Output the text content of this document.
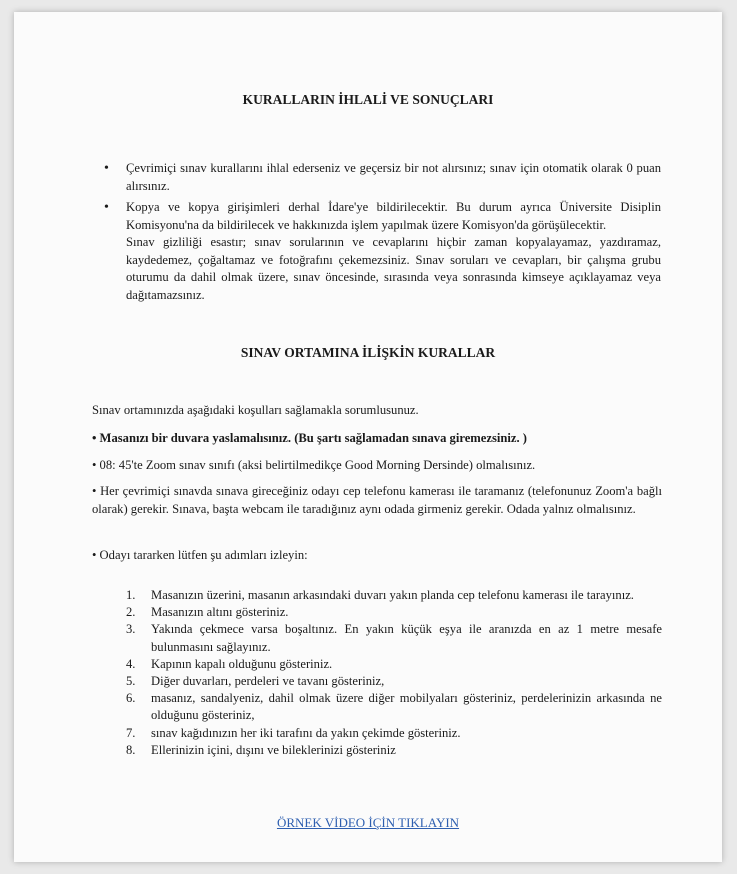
KURALLARIN İHLALİ VE SONUÇLARI
• Çevrimiçi sınav kurallarını ihlal ederseniz ve geçersiz bir not alırsınız; sınav için otomatik olarak 0 puan alırsınız.
• Kopya ve kopya girişimleri derhal İdare'ye bildirilecektir. Bu durum ayrıca Üniversite Disiplin Komisyonu'na da bildirilecek ve hakkınızda işlem yapılmak üzere Komisyon'da görüşülecektir.
Sınav gizliliği esastır; sınav sorularının ve cevaplarını hiçbir zaman kopyalayamaz, yazdıramaz, kaydedemez, çoğaltamaz ve fotoğrafını çekemezsiniz. Sınav soruları ve cevapları, bir çalışma grubu oturumu da dahil olmak üzere, sınav öncesinde, sırasında veya sonrasında kimseye açıklayamaz veya dağıtamazsınız.
SINAV ORTAMINA İLİŞKİN KURALLAR

Sınav ortamınızda aşağıdaki koşulları sağlamakla sorumlusunuz.

• Masanızı bir duvara yaslamalısınız. (Bu şartı sağlamadan sınava giremezsiniz. )

• 08: 45'te Zoom sınav sınıfı (aksi belirtilmedikçe Good Morning Dersinde) olmalısınız.

• Her çevrimiçi sınavda sınava gireceğiniz odayı cep telefonu kamerası ile taramanız (telefonunuz Zoom'a bağlı olarak) gerekir. Sınava, başta webcam ile taradığınız aynı odada girmeniz gerekir. Odada yalnız olmalısınız.

• Odayı tararken lütfen şu adımları izleyin:

1. Masanızın üzerini, masanın arkasındaki duvarı yakın planda cep telefonu kamerası ile tarayınız.
2. Masanızın altını gösteriniz.
3. Yakında çekmece varsa boşaltınız. En yakın küçük eşya ile aranızda en az 1 metre mesafe bulunmasını sağlayınız.
4. Kapının kapalı olduğunu gösteriniz.
5. Diğer duvarları, perdeleri ve tavanı gösteriniz,
6. masanız, sandalyeniz, dahil olmak üzere diğer mobilyaları gösteriniz, perdelerinizin arkasında ne olduğunu gösteriniz,
7. sınav kağıdınızın her iki tarafını da yakın çekimde gösteriniz.
8. Ellerinizin içini, dışını ve bileklerinizi gösteriniz
ÖRNEK VİDEO İÇİN TIKLAYIN
